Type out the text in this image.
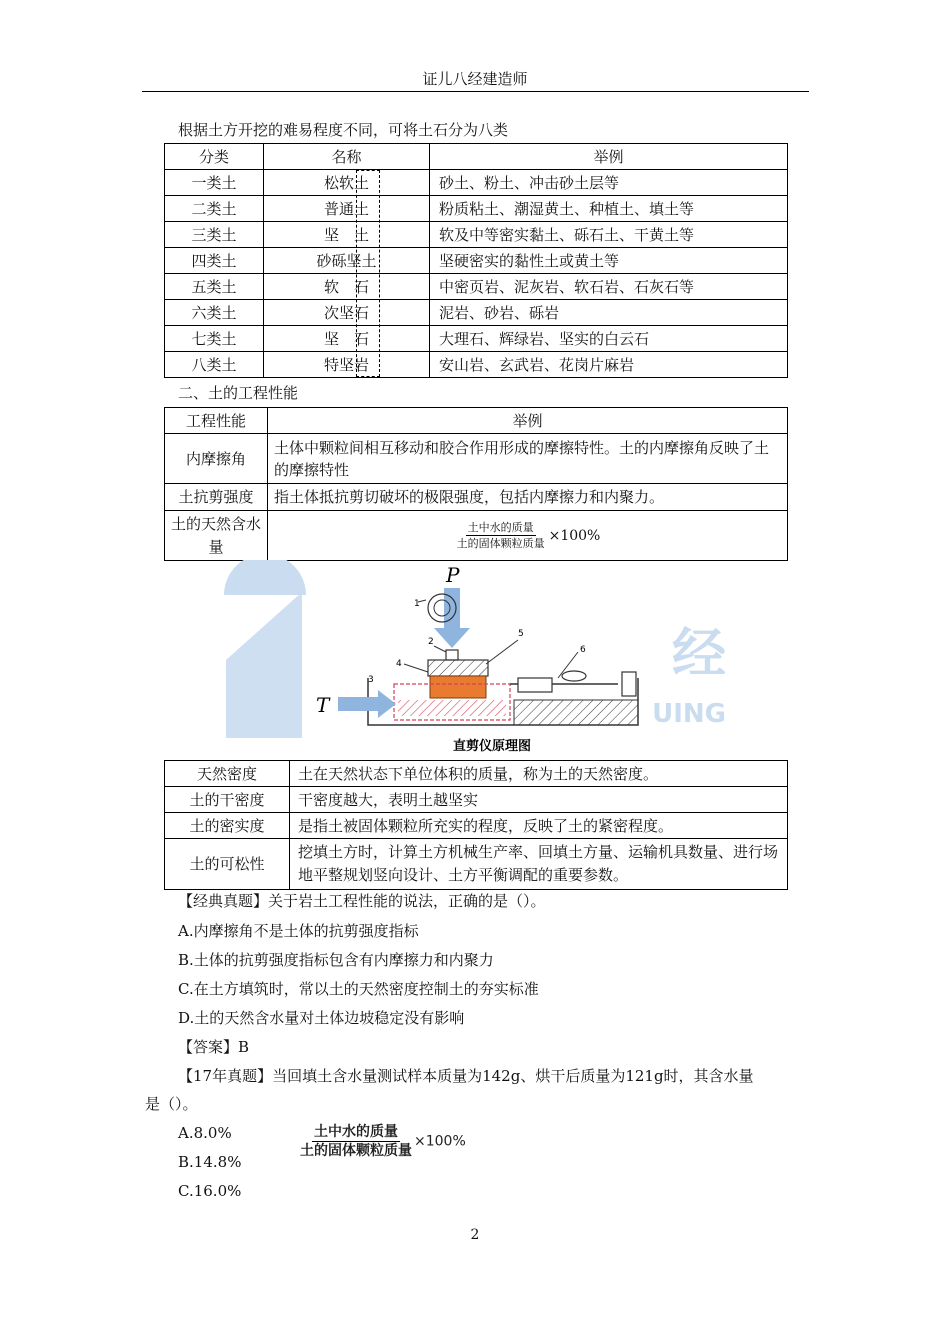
证儿八经建造师
根据土方开挖的难易程度不同，可将土石分为八类
分类	名称	举例
一类土	松软土	砂土、粉土、冲击砂土层等
二类土	普通土	粉质粘土、潮湿黄土、种植土、填土等
三类土	坚　土	软及中等密实黏土、砾石土、干黄土等
四类土	砂砾坚土	坚硬密实的黏性土或黄土等
五类土	软　石	中密页岩、泥灰岩、软石岩、石灰石等
六类土	次坚石	泥岩、砂岩、砾岩
七类土	坚　石	大理石、辉绿岩、坚实的白云石
八类土	特坚岩	安山岩、玄武岩、花岗片麻岩
二、土的工程性能
工程性能	举例
内摩擦角	土体中颗粒间相互移动和胶合作用形成的摩擦特性。土的内摩擦角反映了土的摩擦特性
土抗剪强度	指土体抵抗剪切破坏的极限强度，包括内摩擦力和内聚力。
土的天然含水量	$\frac{\text{土中水的质量}}{\text{土的固体颗粒质量}} \times 100\%$
经
UING
P
1
2
4
5
6
T
3
直剪仪原理图
天然密度	土在天然状态下单位体积的质量，称为土的天然密度。
土的干密度	干密度越大，表明土越坚实
土的密实度	是指土被固体颗粒所充实的程度，反映了土的紧密程度。
土的可松性	挖填土方时，计算土方机械生产率、回填土方量、运输机具数量、进行场地平整规划竖向设计、土方平衡调配的重要参数。
【经典真题】关于岩土工程性能的说法，正确的是（）。
A.内摩擦角不是土体的抗剪强度指标
B.土体的抗剪强度指标包含有内摩擦力和内聚力
C.在土方填筑时，常以土的天然密度控制土的夯实标准
D.土的天然含水量对土体边坡稳定没有影响
【答案】B
【17年真题】当回填土含水量测试样本质量为142g、烘干后质量为121g时，其含水量
是（）。
A.8.0%
B.14.8%
C.16.0%
$\frac{\text{土中水的质量}}{\text{土的固体颗粒质量}} \times 100\%$
2
